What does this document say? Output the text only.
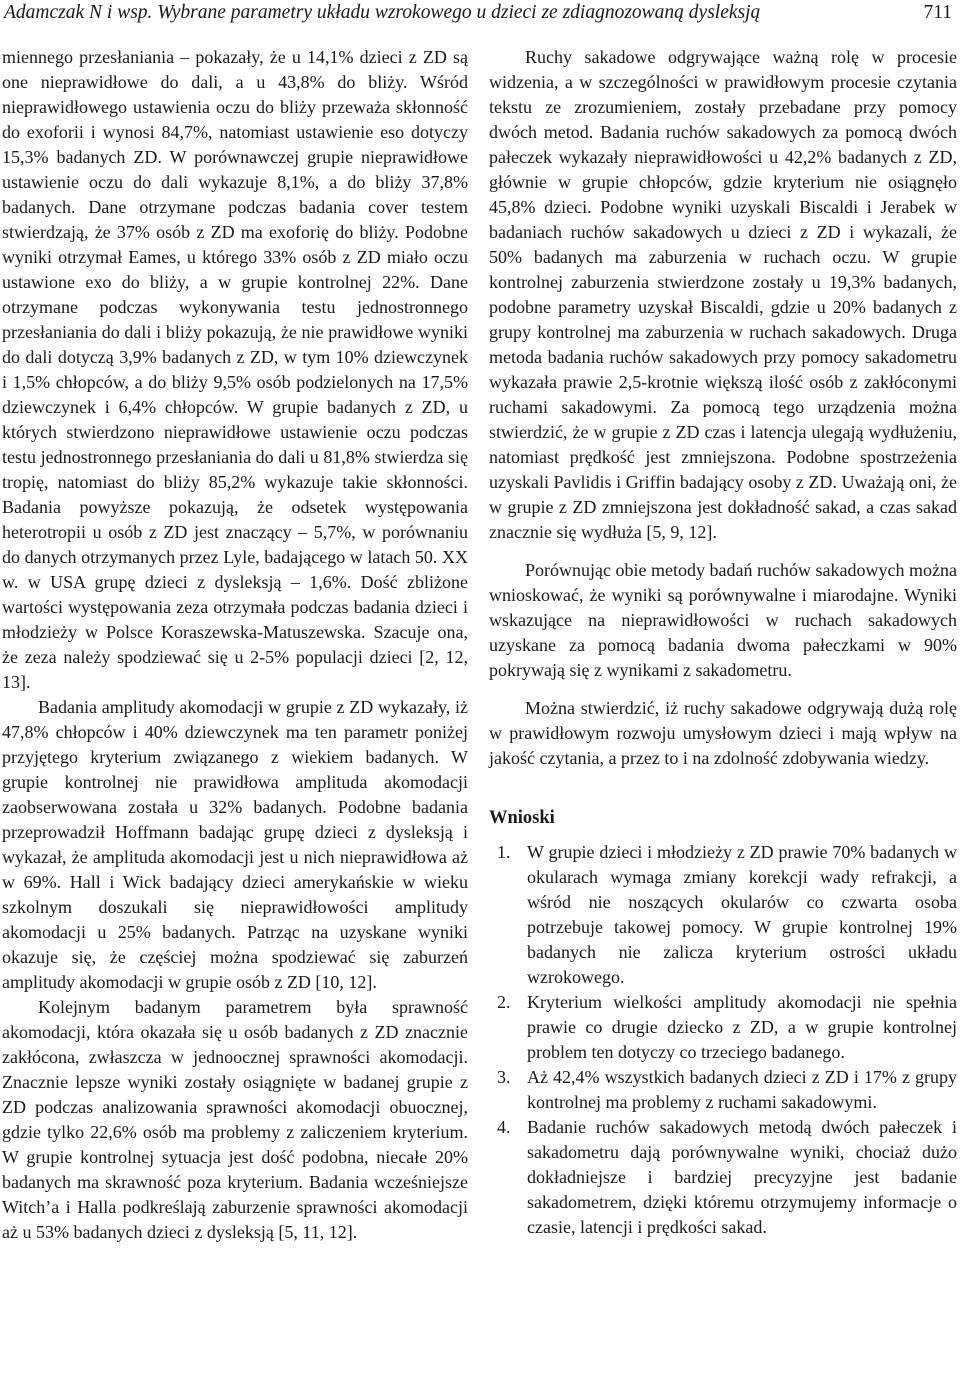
Adamczak N i wsp. Wybrane parametry układu wzrokowego u dzieci ze zdiagnozowaną dysleksją	711

miennego przesłaniania – pokazały, że u 14,1% dzieci z ZD są one nieprawidłowe do dali, a u 43,8% do bliży. Wśród nieprawidłowego ustawienia oczu do bliży przeważa skłonność do exoforii i wynosi 84,7%, natomiast ustawienie eso dotyczy 15,3% badanych ZD. W porównawczej grupie nieprawidłowe ustawienie oczu do dali wykazuje 8,1%, a do bliży 37,8% badanych. Dane otrzymane podczas badania cover testem stwierdzają, że 37% osób z ZD ma exoforię do bliży. Podobne wyniki otrzymał Eames, u którego 33% osób z ZD miało oczu ustawione exo do bliży, a w grupie kontrolnej 22%. Dane otrzymane podczas wykonywania testu jednostronnego przesłaniania do dali i bliży pokazują, że nie prawidłowe wyniki do dali dotyczą 3,9% badanych z ZD, w tym 10% dziewczynek i 1,5% chłopców, a do bliży 9,5% osób podzielonych na 17,5% dziewczynek i 6,4% chłopców. W grupie badanych z ZD, u których stwierdzono nieprawidłowe ustawienie oczu podczas testu jednostronnego przesłaniania do dali u 81,8% stwierdza się tropię, natomiast do bliży 85,2% wykazuje takie skłonności. Badania powyższe pokazują, że odsetek występowania heterotropii u osób z ZD jest znaczący – 5,7%, w porównaniu do danych otrzymanych przez Lyle, badającego w latach 50. XX w. w USA grupę dzieci z dysleksją – 1,6%. Dość zbliżone wartości występowania zeza otrzymała podczas badania dzieci i młodzieży w Polsce Koraszewska-Matuszewska. Szacuje ona, że zeza należy spodziewać się u 2-5% populacji dzieci [2, 12, 13].

Badania amplitudy akomodacji w grupie z ZD wykazały, iż 47,8% chłopców i 40% dziewczynek ma ten parametr poniżej przyjętego kryterium związanego z wiekiem badanych. W grupie kontrolnej nie prawidłowa amplituda akomodacji zaobserwowana została u 32% badanych. Podobne badania przeprowadził Hoffmann badając grupę dzieci z dysleksją i wykazał, że amplituda akomodacji jest u nich nieprawidłowa aż w 69%. Hall i Wick badający dzieci amerykańskie w wieku szkolnym doszukali się nieprawidłowości amplitudy akomodacji u 25% badanych. Patrząc na uzyskane wyniki okazuje się, że częściej można spodziewać się zaburzeń amplitudy akomodacji w grupie osób z ZD [10, 12].

Kolejnym badanym parametrem była sprawność akomodacji, która okazała się u osób badanych z ZD znacznie zakłócona, zwłaszcza w jednoocznej sprawności akomodacji. Znacznie lepsze wyniki zostały osiągnięte w badanej grupie z ZD podczas analizowania sprawności akomodacji obuocznej, gdzie tylko 22,6% osób ma problemy z zaliczeniem kryterium. W grupie kontrolnej sytuacja jest dość podobna, niecałe 20% badanych ma skrawność poza kryterium. Badania wcześniejsze Witch’a i Halla podkreślają zaburzenie sprawności akomodacji aż u 53% badanych dzieci z dysleksją [5, 11, 12].

Ruchy sakadowe odgrywające ważną rolę w procesie widzenia, a w szczególności w prawidłowym procesie czytania tekstu ze zrozumieniem, zostały przebadane przy pomocy dwóch metod. Badania ruchów sakadowych za pomocą dwóch pałeczek wykazały nieprawidłowości u 42,2% badanych z ZD, głównie w grupie chłopców, gdzie kryterium nie osiągnęło 45,8% dzieci. Podobne wyniki uzyskali Biscaldi i Jerabek w badaniach ruchów sakadowych u dzieci z ZD i wykazali, że 50% badanych ma zaburzenia w ruchach oczu. W grupie kontrolnej zaburzenia stwierdzone zostały u 19,3% badanych, podobne parametry uzyskał Biscaldi, gdzie u 20% badanych z grupy kontrolnej ma zaburzenia w ruchach sakadowych. Druga metoda badania ruchów sakadowych przy pomocy sakadometru wykazała prawie 2,5-krotnie większą ilość osób z zakłóconymi ruchami sakadowymi. Za pomocą tego urządzenia można stwierdzić, że w grupie z ZD czas i latencja ulegają wydłużeniu, natomiast prędkość jest zmniejszona. Podobne spostrzeżenia uzyskali Pavlidis i Griffin badający osoby z ZD. Uważają oni, że w grupie z ZD zmniejszona jest dokładność sakad, a czas sakad znacznie się wydłuża [5, 9, 12].

Porównując obie metody badań ruchów sakadowych można wnioskować, że wyniki są porównywalne i miarodajne. Wyniki wskazujące na nieprawidłowości w ruchach sakadowych uzyskane za pomocą badania dwoma pałeczkami w 90% pokrywają się z wynikami z sakadometru.

Można stwierdzić, iż ruchy sakadowe odgrywają dużą rolę w prawidłowym rozwoju umysłowym dzieci i mają wpływ na jakość czytania, a przez to i na zdolność zdobywania wiedzy.

Wnioski
1. W grupie dzieci i młodzieży z ZD prawie 70% badanych w okularach wymaga zmiany korekcji wady refrakcji, a wśród nie noszących okularów co czwarta osoba potrzebuje takowej pomocy. W grupie kontrolnej 19% badanych nie zalicza kryterium ostrości układu wzrokowego.
2. Kryterium wielkości amplitudy akomodacji nie spełnia prawie co drugie dziecko z ZD, a w grupie kontrolnej problem ten dotyczy co trzeciego badanego.
3. Aż 42,4% wszystkich badanych dzieci z ZD i 17% z grupy kontrolnej ma problemy z ruchami sakadowymi.
4. Badanie ruchów sakadowych metodą dwóch pałeczek i sakadometru dają porównywalne wyniki, chociaż dużo dokładniejsze i bardziej precyzyjne jest badanie sakadometrem, dzięki któremu otrzymujemy informacje o czasie, latencji i prędkości sakad.
